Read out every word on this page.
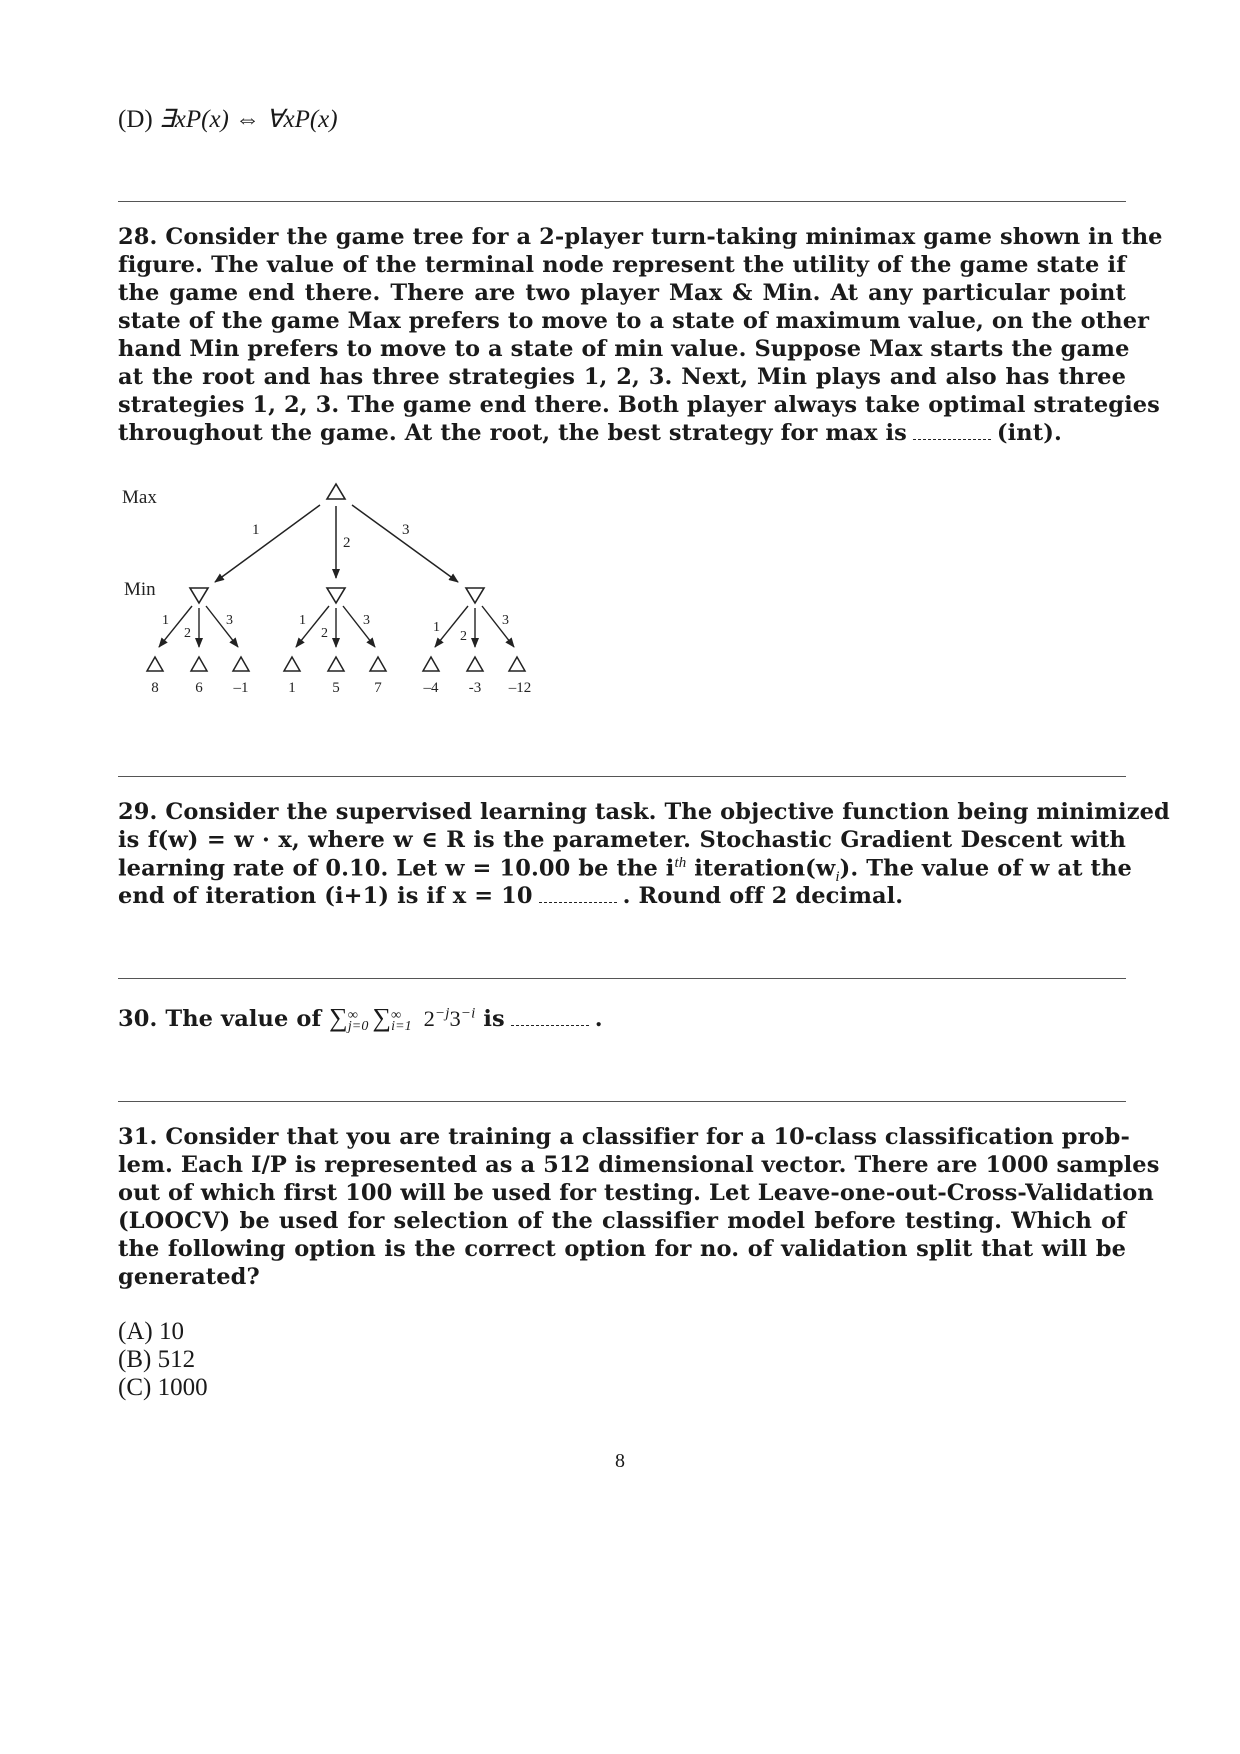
(D) ∃xP(x) ⇔ ∀xP(x)
28. Consider the game tree for a 2-player turn-taking minimax game shown in the
figure. The value of the terminal node represent the utility of the game state if
the game end there. There are two player Max & Min. At any particular point
state of the game Max prefers to move to a state of maximum value, on the other
hand Min prefers to move to a state of min value. Suppose Max starts the game
at the root and has three strategies 1, 2, 3. Next, Min plays and also has three
strategies 1, 2, 3. The game end there. Both player always take optimal strategies
throughout the game. At the root, the best strategy for max is	(int).
Max
Min
1
2
3
1
2
3	1
2
3	1
2
3
8 6 –1	1 5 7	–4 -3 –12
29. Consider the supervised learning task. The objective function being minimized
is f(w) = w · x, where w ∈ R is the parameter. Stochastic Gradient Descent with
learning rate of 0.10. Let w = 10.00 be the $i^{th}$ $iteration(w_i)$. The value of w at the
end of iteration (i+1) is if x = 10	. Round off 2 decimal.
30. The value of ∑ ∞
j=0 ∑ ∞
i=1 $2^{-j}3^{-i}$ is	.
31. Consider that you are training a classifier for a 10-class classification prob-
lem. Each I/P is represented as a 512 dimensional vector. There are 1000 samples
out of which first 100 will be used for testing. Let Leave-one-out-Cross-Validation
(LOOCV) be used for selection of the classifier model before testing. Which of
the following option is the correct option for no. of validation split that will be
generated?
(A) 10
(B) 512
(C) 1000
8
